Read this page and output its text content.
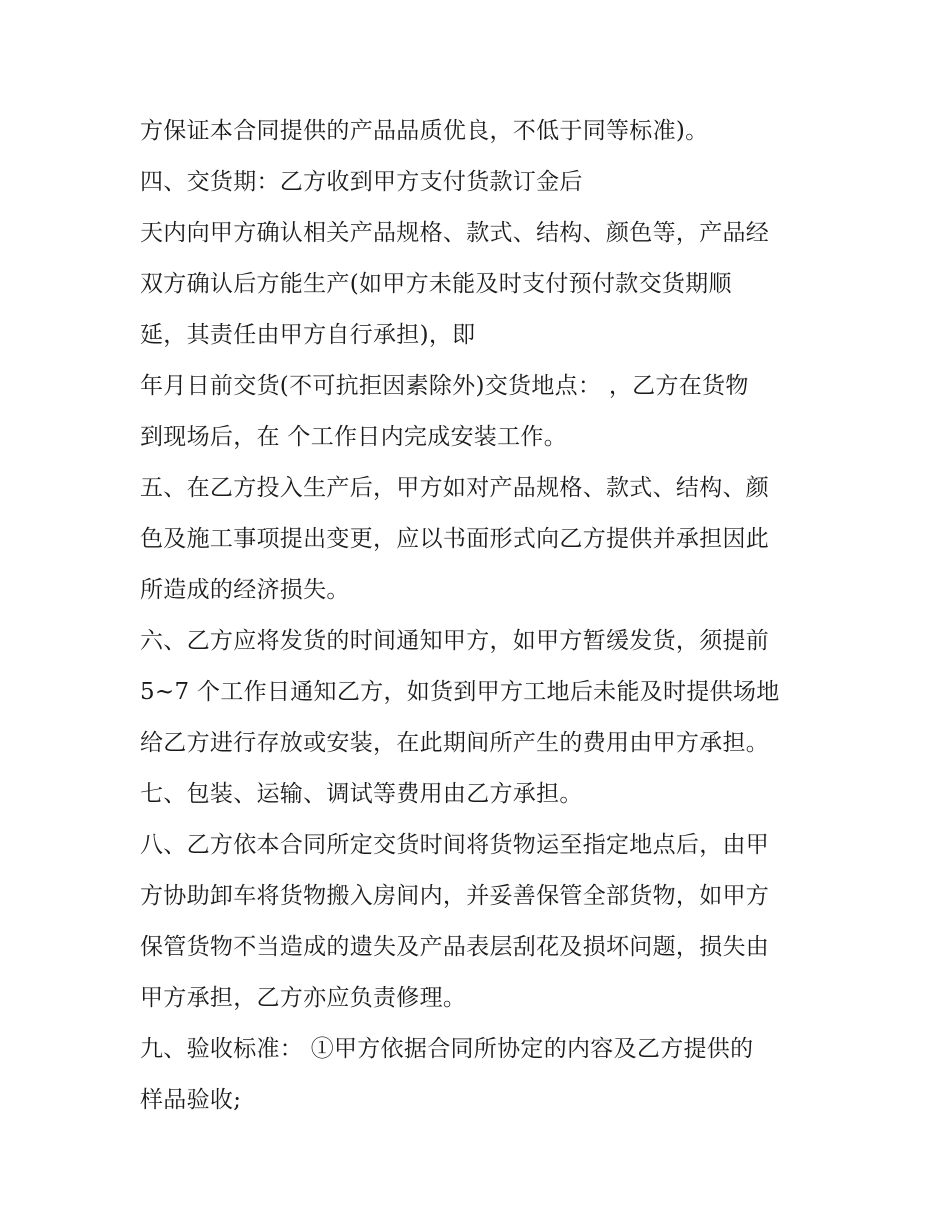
方保证本合同提供的产品品质优良，不低于同等标准)。
四、交货期：乙方收到甲方支付货款订金后
天内向甲方确认相关产品规格、款式、结构、颜色等，产品经
双方确认后方能生产(如甲方未能及时支付预付款交货期顺
延，其责任由甲方自行承担)，即
年月日前交货(不可抗拒因素除外)交货地点： ，乙方在货物
到现场后，在 个工作日内完成安装工作。
五、在乙方投入生产后，甲方如对产品规格、款式、结构、颜
色及施工事项提出变更，应以书面形式向乙方提供并承担因此
所造成的经济损失。
六、乙方应将发货的时间通知甲方，如甲方暂缓发货，须提前
5~7 个工作日通知乙方，如货到甲方工地后未能及时提供场地
给乙方进行存放或安装，在此期间所产生的费用由甲方承担。
七、包装、运输、调试等费用由乙方承担。
八、乙方依本合同所定交货时间将货物运至指定地点后，由甲
方协助卸车将货物搬入房间内，并妥善保管全部货物，如甲方
保管货物不当造成的遗失及产品表层刮花及损坏问题，损失由
甲方承担，乙方亦应负责修理。
九、验收标准： ①甲方依据合同所协定的内容及乙方提供的
样品验收;
